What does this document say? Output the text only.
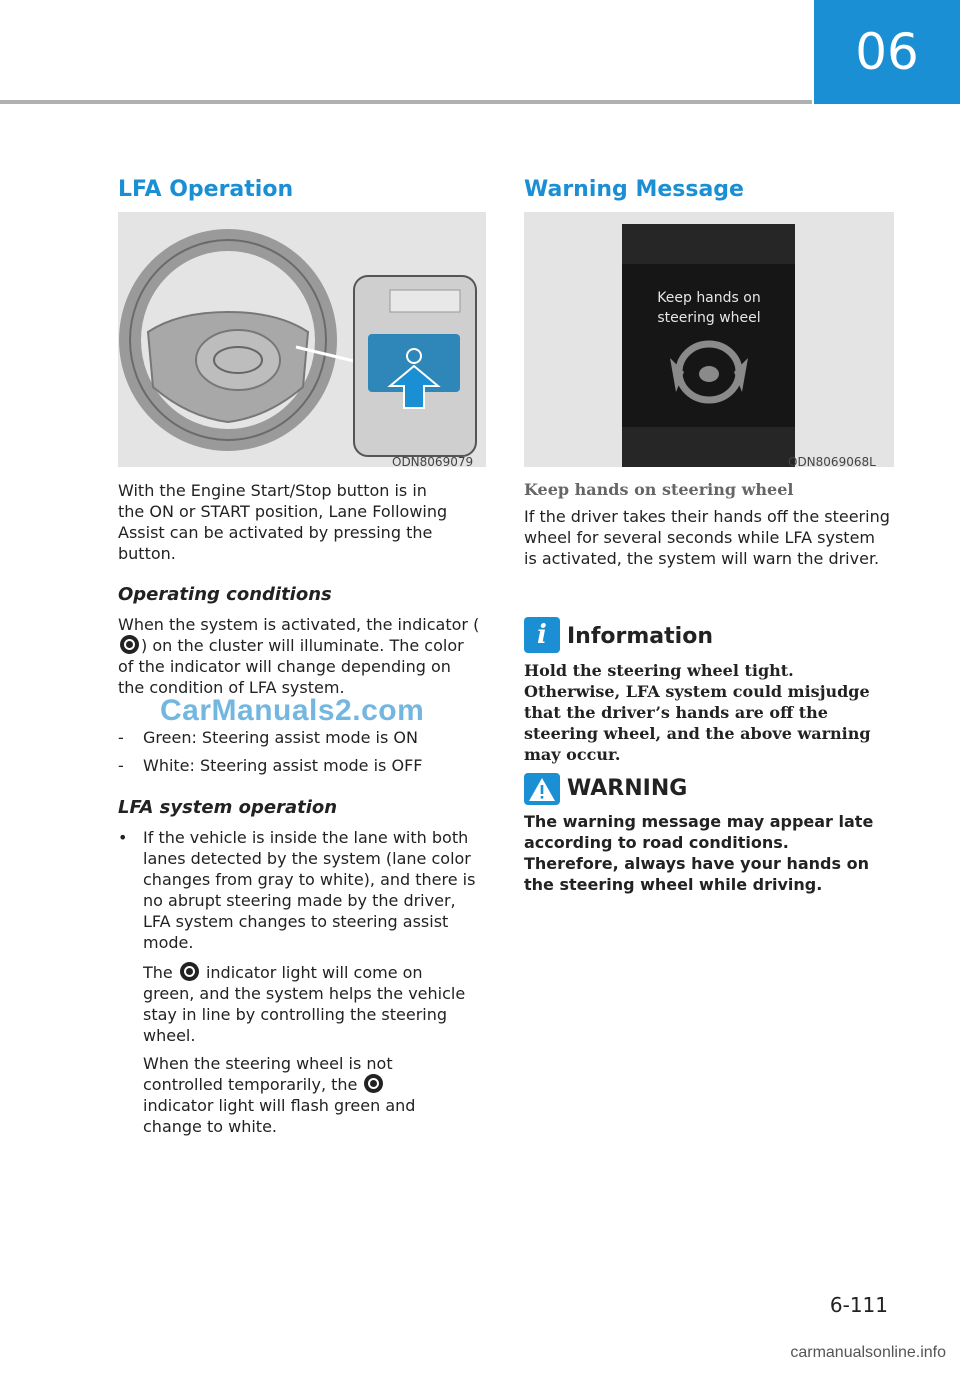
06
LFA Operation
ODN8069079

With the Engine Start/Stop button is in the ON or START position, Lane Following Assist can be activated by pressing the button.

Operating conditions

When the system is activated, the indicator () on the cluster will illuminate. The color of the indicator will change depending on the condition of LFA system.

- Green: Steering assist mode is ON
- White: Steering assist mode is OFF
LFA system operation
• If the vehicle is inside the lane with both lanes detected by the system (lane color changes from gray to white), and there is no abrupt steering made by the driver, LFA system changes to steering assist mode.

The indicator light will come on green, and the system helps the vehicle stay in line by controlling the steering wheel.

When the steering wheel is not controlled temporarily, the  indicator light will flash green and change to white.

CarManuals2.com
Warning Message
Keep hands on
steering wheel
ODN8069068L
Keep hands on steering wheel

If the driver takes their hands off the steering wheel for several seconds while LFA system is activated, the system will warn the driver.

i Information

Hold the steering wheel tight. Otherwise, LFA system could misjudge that the driver’s hands are off the steering wheel, and the above warning may occur.

WARNING

The warning message may appear late according to road conditions. Therefore, always have your hands on the steering wheel while driving.

6-111
carmanualsonline.info
